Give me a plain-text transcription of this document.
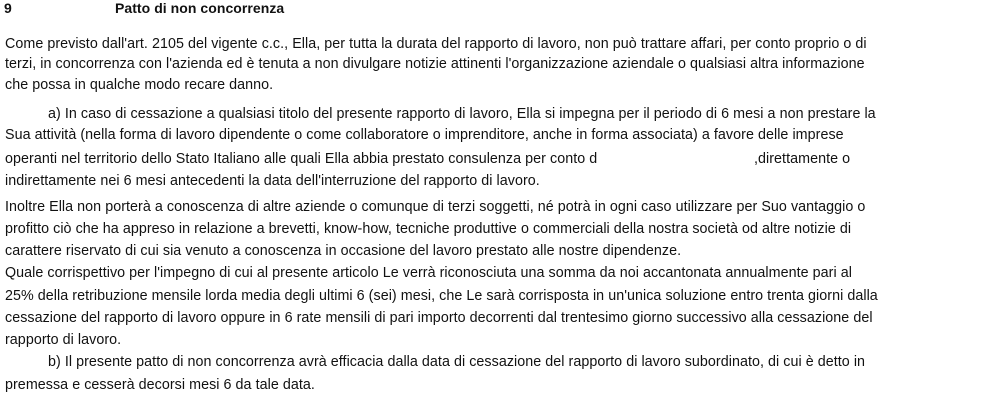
9	Patto di non concorrenza
Come previsto dall'art. 2105 del vigente c.c., Ella, per tutta la durata del rapporto di lavoro, non può trattare affari, per conto proprio o di
terzi, in concorrenza con l'azienda ed è tenuta a non divulgare notizie attinenti l'organizzazione aziendale o qualsiasi altra informazione
che possa in qualche modo recare danno.
a) In caso di cessazione a qualsiasi titolo del presente rapporto di lavoro, Ella si impegna per il periodo di 6 mesi a non prestare la
Sua attività (nella forma di lavoro dipendente o come collaboratore o imprenditore, anche in forma associata) a favore delle imprese
operanti nel territorio dello Stato Italiano alle quali Ella abbia prestato consulenza per conto d	,direttamente o
indirettamente nei 6 mesi antecedenti la data dell'interruzione del rapporto di lavoro.
Inoltre Ella non porterà a conoscenza di altre aziende o comunque di terzi soggetti, né potrà in ogni caso utilizzare per Suo vantaggio o
profitto ciò che ha appreso in relazione a brevetti, know-how, tecniche produttive o commerciali della nostra società od altre notizie di
carattere riservato di cui sia venuto a conoscenza in occasione del lavoro prestato alle nostre dipendenze.
Quale corrispettivo per l'impegno di cui al presente articolo Le verrà riconosciuta una somma da noi accantonata annualmente pari al
25% della retribuzione mensile lorda media degli ultimi 6 (sei) mesi, che Le sarà corrisposta in un'unica soluzione entro trenta giorni dalla
cessazione del rapporto di lavoro oppure in 6 rate mensili di pari importo decorrenti dal trentesimo giorno successivo alla cessazione del
rapporto di lavoro.
b) Il presente patto di non concorrenza avrà efficacia dalla data di cessazione del rapporto di lavoro subordinato, di cui è detto in
premessa e cesserà decorsi mesi 6 da tale data.
